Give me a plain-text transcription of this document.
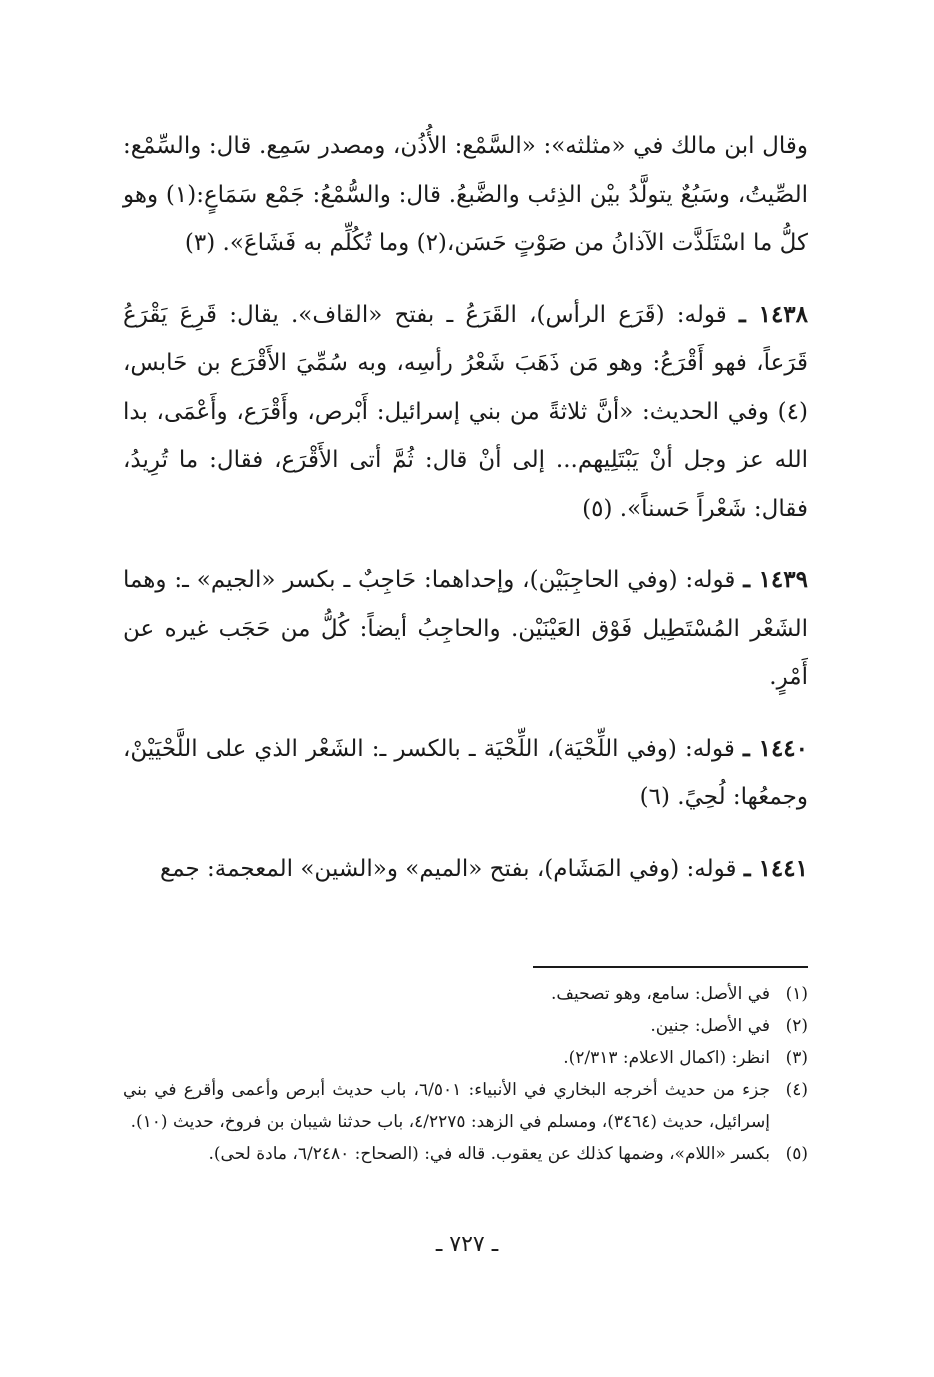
وقال ابن مالك في «مثلثه»: «السَّمْع: الأُذُن، ومصدر سَمِع. قال: والسِّمْع: الصِّيتُ، وسَبُعٌ يتولَّدُ بيْن الذِئب والضَّبعُ. قال: والسُّمْعُ: جَمْع سَمَاعٍ:(١) وهو كلُّ ما اسْتَلَذَّت الآذانُ من صَوْتٍ حَسَن،(٢) وما تُكُلِّم به فَشَاعَ». (٣)

١٤٣٨ ـ قوله: (قَرَع الرأس)، القَرَعُ ـ بفتح «القاف». يقال: قَرِعَ يَقْرَعُ قَرَعاً، فهو أَقْرَعُ: وهو مَن ذَهَبَ شَعْرُ رأسِه، وبه سُمِّيَ الأَقْرَع بن حَابس،(٤) وفي الحديث: «أنَّ ثلاثةً من بني إسرائيل: أَبْرص، وأَقْرَع، وأَعْمَى، بدا الله عز وجل أنْ يَبْتَلِيهم... إلى أنْ قال: ثُمَّ أتى الأَقْرَع، فقال: ما تُرِيدُ، فقال: شَعْراً حَسناً». (٥)

١٤٣٩ ـ قوله: (وفي الحاجِبَيْن)، وإحداهما: حَاجِبٌ ـ بكسر «الجيم» ـ: وهما الشَعْر المُسْتَطِيل فَوْق العَيْنَيْن. والحاجِبُ أيضاً: كُلُّ من حَجَب غيره عن أَمْرٍ.

١٤٤٠ ـ قوله: (وفي اللِّحْيَة)، اللِّحْيَة ـ بالكسر ـ: الشَعْر الذي على اللَّحْيَيْنْ، وجمعُها: لُحِيً. (٦)

١٤٤١ ـ قوله: (وفي المَشَام)، بفتح «الميم» و«الشين» المعجمة: جمع

(١)في الأصل: سامع، وهو تصحيف.

(٢)في الأصل: جنين.

(٣)انظر: (اكمال الاعلام: ٢/٣١٣).

(٤)جزء من حديث أخرجه البخاري في الأنبياء: ٦/٥٠١، باب حديث أبرص وأعمى وأقرع في بني إسرائيل، حديث (٣٤٦٤)، ومسلم في الزهد: ٤/٢٢٧٥، باب حدثنا شيبان بن فروخ، حديث (١٠).

(٥)بكسر «اللام»، وضمها كذلك عن يعقوب. قاله في: (الصحاح: ٦/٢٤٨٠، مادة لحى).

ـ ٧٢٧ ـ
